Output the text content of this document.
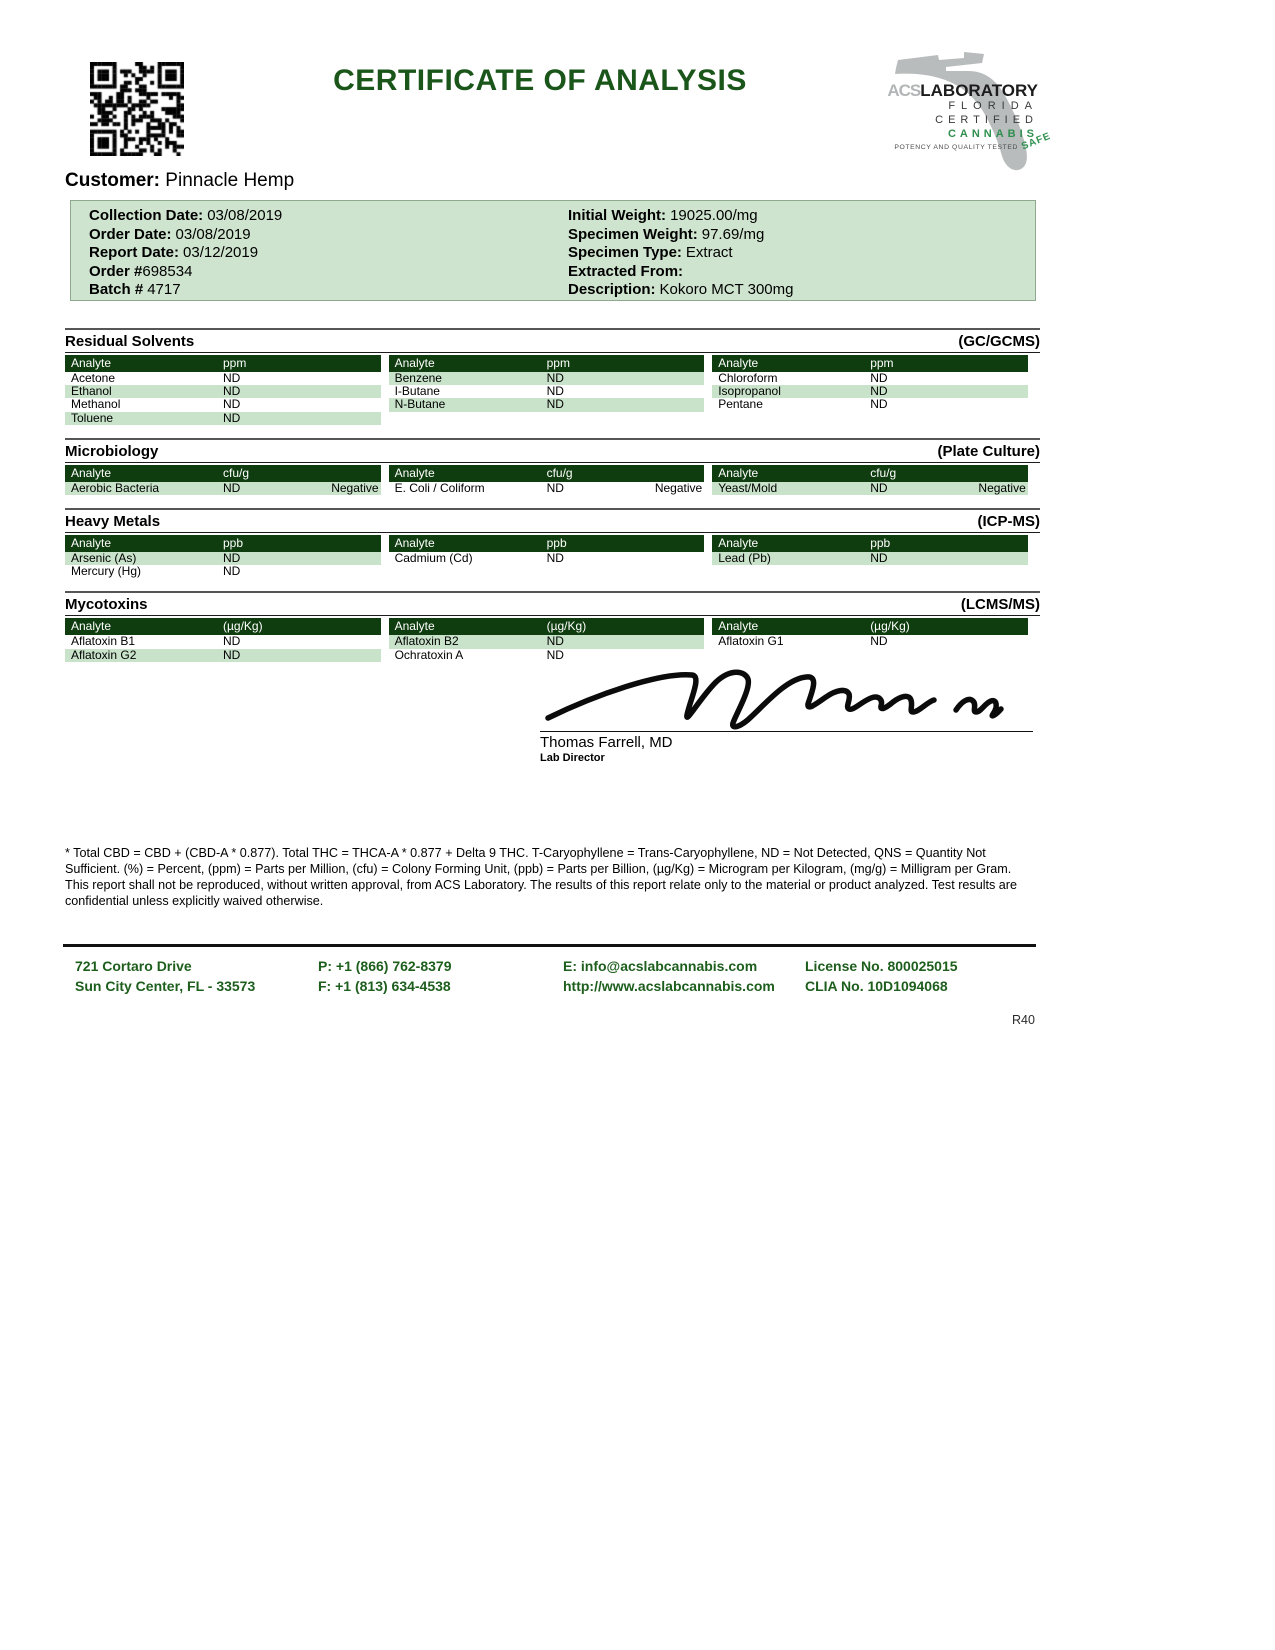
CERTIFICATE OF ANALYSIS	ACSLABORATORY
FLORIDA
CERTIFIED
CANNABIS
POTENCY AND QUALITY TESTED SAFE
Customer: Pinnacle Hemp
Collection Date: 03/08/2019
Order Date: 03/08/2019
Report Date: 03/12/2019
Order #698534
Batch # 4717
Initial Weight: 19025.00/mg
Specimen Weight: 97.69/mg
Specimen Type: Extract
Extracted From:
Description: Kokoro MCT 300mg
Residual Solvents	(GC/GCMS)
Analyte	ppm
Acetone	ND
Ethanol	ND
Methanol	ND
Toluene	ND
Analyte	ppm
Benzene	ND
I-Butane	ND
N-Butane	ND
Analyte	ppm
Chloroform	ND
Isopropanol	ND
Pentane	ND
Microbiology	(Plate Culture)
Analyte	cfu/g
Aerobic Bacteria	ND	Negative
Analyte	cfu/g
E. Coli / Coliform	ND	Negative
Analyte	cfu/g
Yeast/Mold	ND	Negative
Heavy Metals	(ICP-MS)
Analyte	ppb
Arsenic (As)	ND
Mercury (Hg)	ND
Analyte	ppb
Cadmium (Cd)	ND
Analyte	ppb
Lead (Pb)	ND
Mycotoxins	(LCMS/MS)
Analyte	(µg/Kg)
Aflatoxin B1	ND
Aflatoxin G2	ND
Analyte	(µg/Kg)
Aflatoxin B2	ND
Ochratoxin A	ND
Analyte	(µg/Kg)
Aflatoxin G1	ND
Thomas Farrell, MD
Lab Director

* Total CBD = CBD + (CBD-A * 0.877). Total THC = THCA-A * 0.877 + Delta 9 THC. T-Caryophyllene = Trans-Caryophyllene, ND = Not Detected, QNS = Quantity Not Sufficient. (%) = Percent, (ppm) = Parts per Million, (cfu) = Colony Forming Unit, (ppb) = Parts per Billion, (µg/Kg) = Microgram per Kilogram, (mg/g) = Milligram per Gram.

This report shall not be reproduced, without written approval, from ACS Laboratory. The results of this report relate only to the material or product analyzed. Test results are confidential unless explicitly waived otherwise.

721 Cortaro Drive
Sun City Center, FL - 33573
P: +1 (866) 762-8379
F: +1 (813) 634-4538
E: info@acslabcannabis.com
http://www.acslabcannabis.com
License No. 800025015
CLIA No. 10D1094068
R40
